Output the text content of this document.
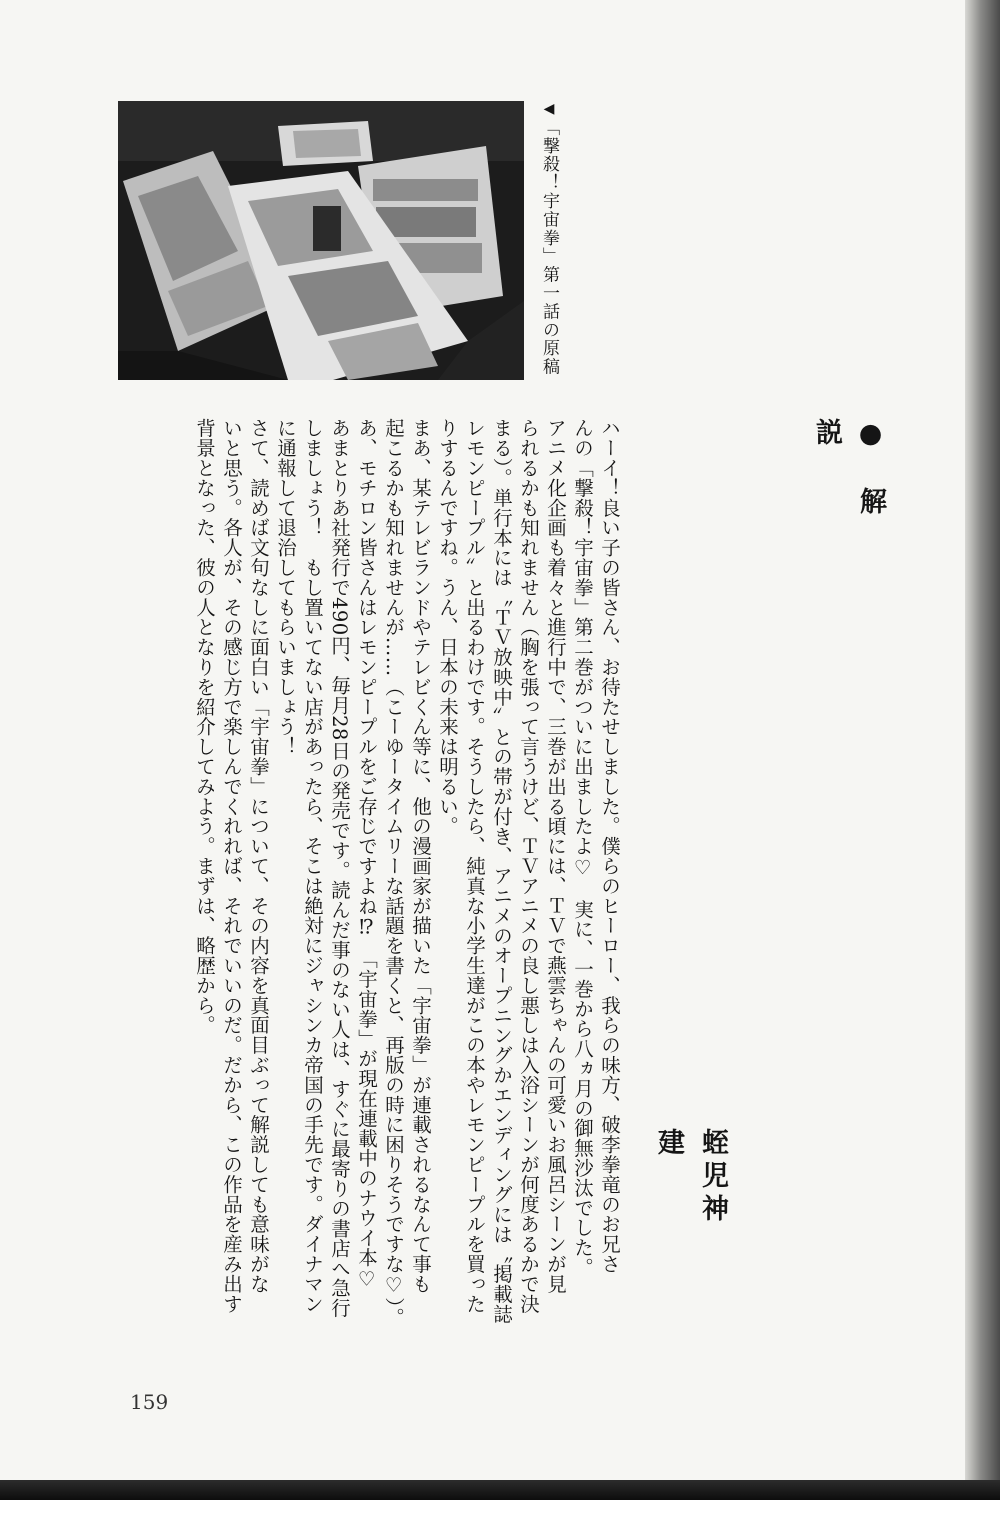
◀「撃殺！宇宙拳」第一話の原稿
●解説
蛭児神　建

ハーイ！良い子の皆さん、お待たせしました。僕らのヒーロー、我らの味方、破李拳竜のお兄さ

んの「撃殺！宇宙拳」第二巻がついに出ましたよ♡　実に、一巻から八ヵ月の御無沙汰でした。

アニメ化企画も着々と進行中で、三巻が出る頃には、ＴＶで燕雲ちゃんの可愛いお風呂シーンが見

られるかも知れません（胸を張って言うけど、ＴＶアニメの良し悪しは入浴シーンが何度あるかで決

まる）。単行本には〝ＴＶ放映中〟との帯が付き、アニメのオープニングかエンディングには〝掲載誌

レモンピープル〟と出るわけです。そうしたら、純真な小学生達がこの本やレモンピープルを買った

りするんですね。うん、日本の未来は明るい。

まあ、某テレビランドやテレビくん等に、他の漫画家が描いた「宇宙拳」が連載されるなんて事も

起こるかも知れませんが……（こーゆータイムリーな話題を書くと、再版の時に困りそうですな♡）。

あ、モチロン皆さんはレモンピープルをご存じですよね⁉　「宇宙拳」が現在連載中のナウイ本♡

あまとりあ社発行で490円、毎月28日の発売です。読んだ事のない人は、すぐに最寄りの書店へ急行

しましょう！　もし置いてない店があったら、そこは絶対にジャシンカ帝国の手先です。ダイナマン

に通報して退治してもらいましょう！

さて、読めば文句なしに面白い「宇宙拳」について、その内容を真面目ぶって解説しても意味がな

いと思う。各人が、その感じ方で楽しんでくれれば、それでいいのだ。だから、この作品を産み出す

背景となった、彼の人となりを紹介してみよう。まずは、略歴から。

159
